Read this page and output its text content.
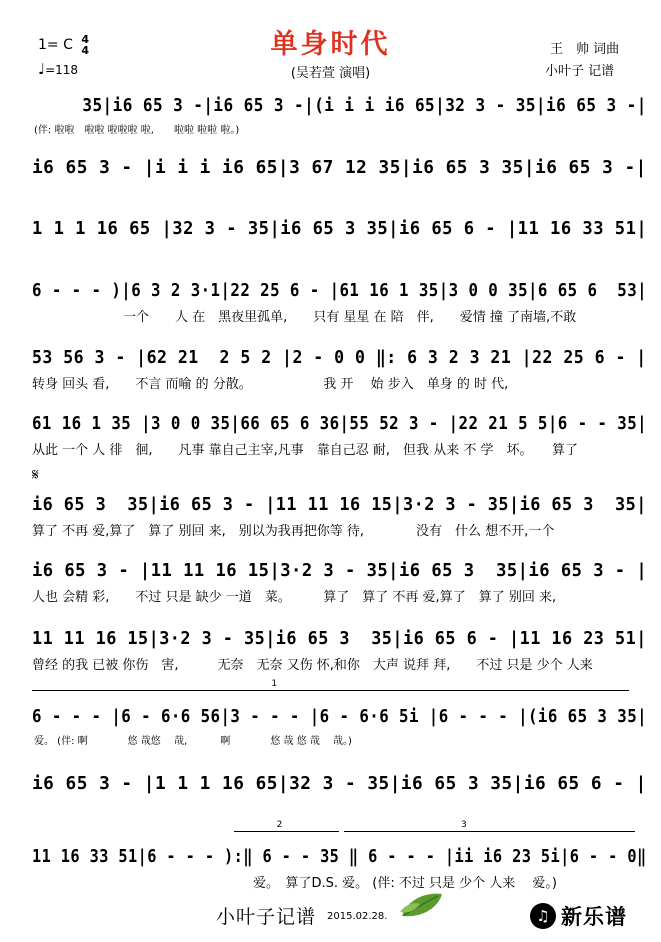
单身时代
(吴若萱 演唱)
1= C 4
4
♩=118
王　帅 词曲
小叶子 记谱
35|i6 65 3 -|i6 65 3 -|(i i i i6 65|32 3 - 35|i6 65 3 -|
(伴: 啦啦　啦啦 啦啦啦 啦,　　啦啦 啦啦 啦。)
i6 65 3 - |i i i i6 65|3 67 12 35|i6 65 3 35|i6 65 3 -|
1 1 1 16 65 |32 3 - 35|i6 65 3 35|i6 65 6 - |11 16 33 51|
6 - - - )|6 3 2 3·1|22 25 6 - |61 16 1 35|3 0 0 35|6 65 6  53|
　　　　　　　一个　　人 在　黑夜里孤单,　　只有 星星 在 陪　伴,　　爱情 撞 了南墙,不敢
53 56 3 - |62 21  2 5 2 |2 - 0 0 ‖: 6 3 2 3 21 |22 25 6 - |
转身 回头 看,　　不言 而喻 的 分散。　　　　　　我 开　 始 步入　单身 的 时 代,
61 16 1 35 |3 0 0 35|66 65 6 36|55 52 3 - |22 21 5 5|6 - - 35|
从此 一个 人 徘　徊,　　凡事 靠自己主宰,凡事　靠自己忍 耐,　但我 从来 不 学　坏。　　算了
i6 65 3  35|i6 65 3 - |11 11 16 15|3·2 3 - 35|i6 65 3  35|
算了 不再 爱,算了　算了 别回 来,　别以为我再把你等 待,　　　　没有　什么 想不开,一个
i6 65 3 - |11 11 16 15|3·2 3 - 35|i6 65 3  35|i6 65 3 - |
人也 会精 彩,　　不过 只是 缺少 一道　菜。　　　算了　算了 不再 爱,算了　算了 别回 来,
11 11 16 15|3·2 3 - 35|i6 65 3  35|i6 65 6 - |11 16 23 51|
曾经 的我 已被 你伤　害,　　　无奈　无奈 又伤 怀,和你　大声 说拜 拜,　　不过 只是 少个 人来
6 - - - |6 - 6·6 56|3 - - - |6 - 6·6 5i |6 - - - |(i6 65 3 35|
爱。 (伴: 啊　　　　悠 哉悠　 哉,　　　 啊　　　　悠 哉 悠 哉　 哉。)
i6 65 3 - |1 1 1 16 65|32 3 - 35|i6 65 3 35|i6 65 6 - |
11 16 33 51|6 - - - ):‖ 6 - - 35 ‖ 6 - - - |ii i6 23 5i|6 - - 0‖
　　　　　　　　　　　　　　　　　爱。　算了D.S. 爱。 (伴: 不过 只是 少个 人来　 爱。)
1
2	3
𝄋
小叶子记谱 2015.02.28.	♫ 新乐谱
